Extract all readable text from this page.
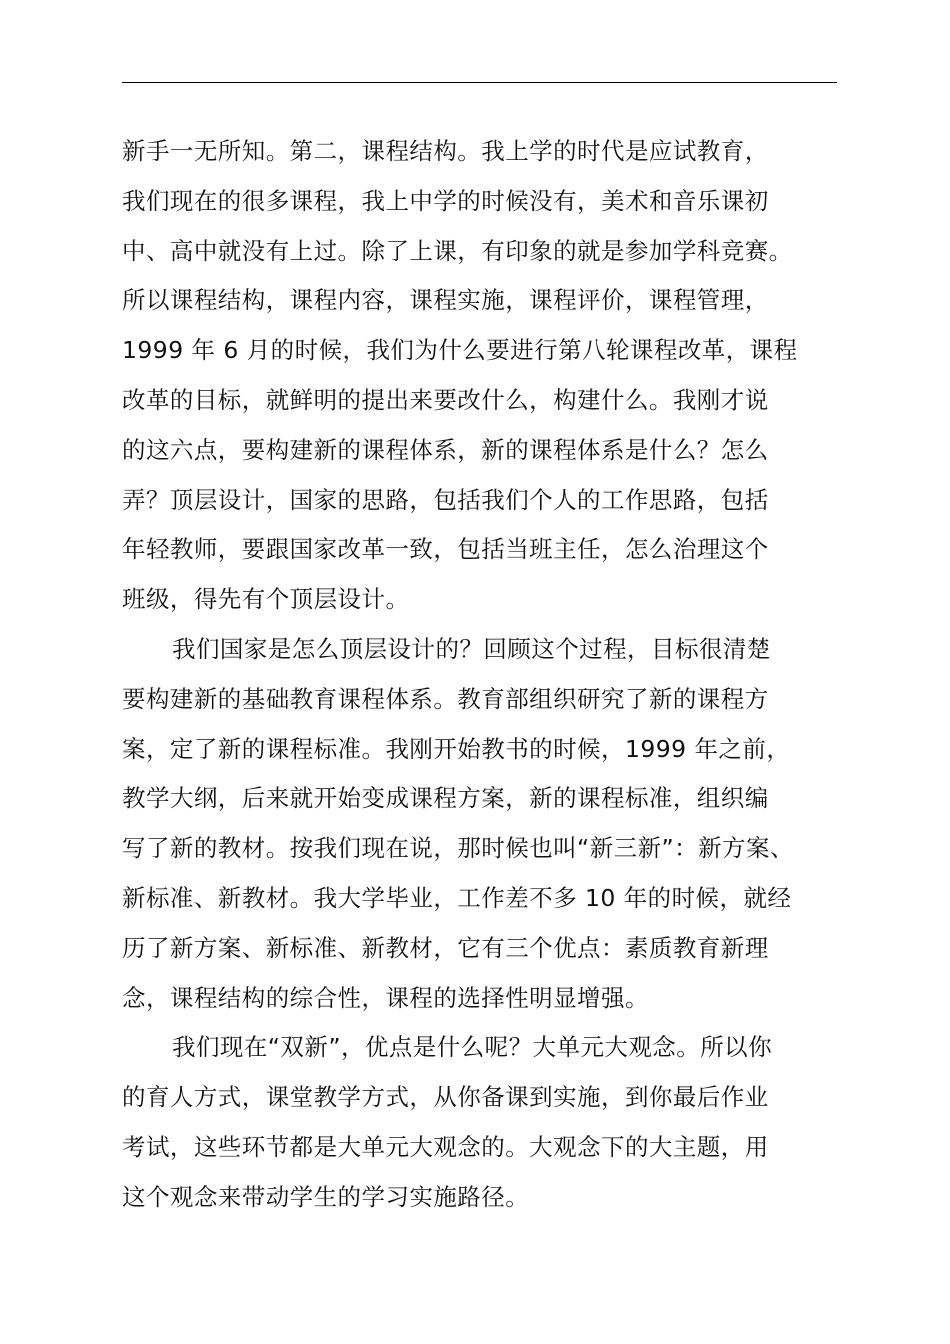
新手一无所知。第二，课程结构。我上学的时代是应试教育，
我们现在的很多课程，我上中学的时候没有，美术和音乐课初
中、高中就没有上过。除了上课，有印象的就是参加学科竞赛。
所以课程结构，课程内容，课程实施，课程评价，课程管理，
1999 年 6 月的时候，我们为什么要进行第八轮课程改革，课程
改革的目标，就鲜明的提出来要改什么，构建什么。我刚才说
的这六点，要构建新的课程体系，新的课程体系是什么？怎么
弄？顶层设计，国家的思路，包括我们个人的工作思路，包括
年轻教师，要跟国家改革一致，包括当班主任，怎么治理这个
班级，得先有个顶层设计。
我们国家是怎么顶层设计的？回顾这个过程，目标很清楚
要构建新的基础教育课程体系。教育部组织研究了新的课程方
案，定了新的课程标准。我刚开始教书的时候，1999 年之前，
教学大纲，后来就开始变成课程方案，新的课程标准，组织编
写了新的教材。按我们现在说，那时候也叫“新三新”：新方案、
新标准、新教材。我大学毕业，工作差不多 10 年的时候，就经
历了新方案、新标准、新教材，它有三个优点：素质教育新理
念，课程结构的综合性，课程的选择性明显增强。
我们现在“双新”，优点是什么呢？大单元大观念。所以你
的育人方式，课堂教学方式，从你备课到实施，到你最后作业
考试，这些环节都是大单元大观念的。大观念下的大主题，用
这个观念来带动学生的学习实施路径。
